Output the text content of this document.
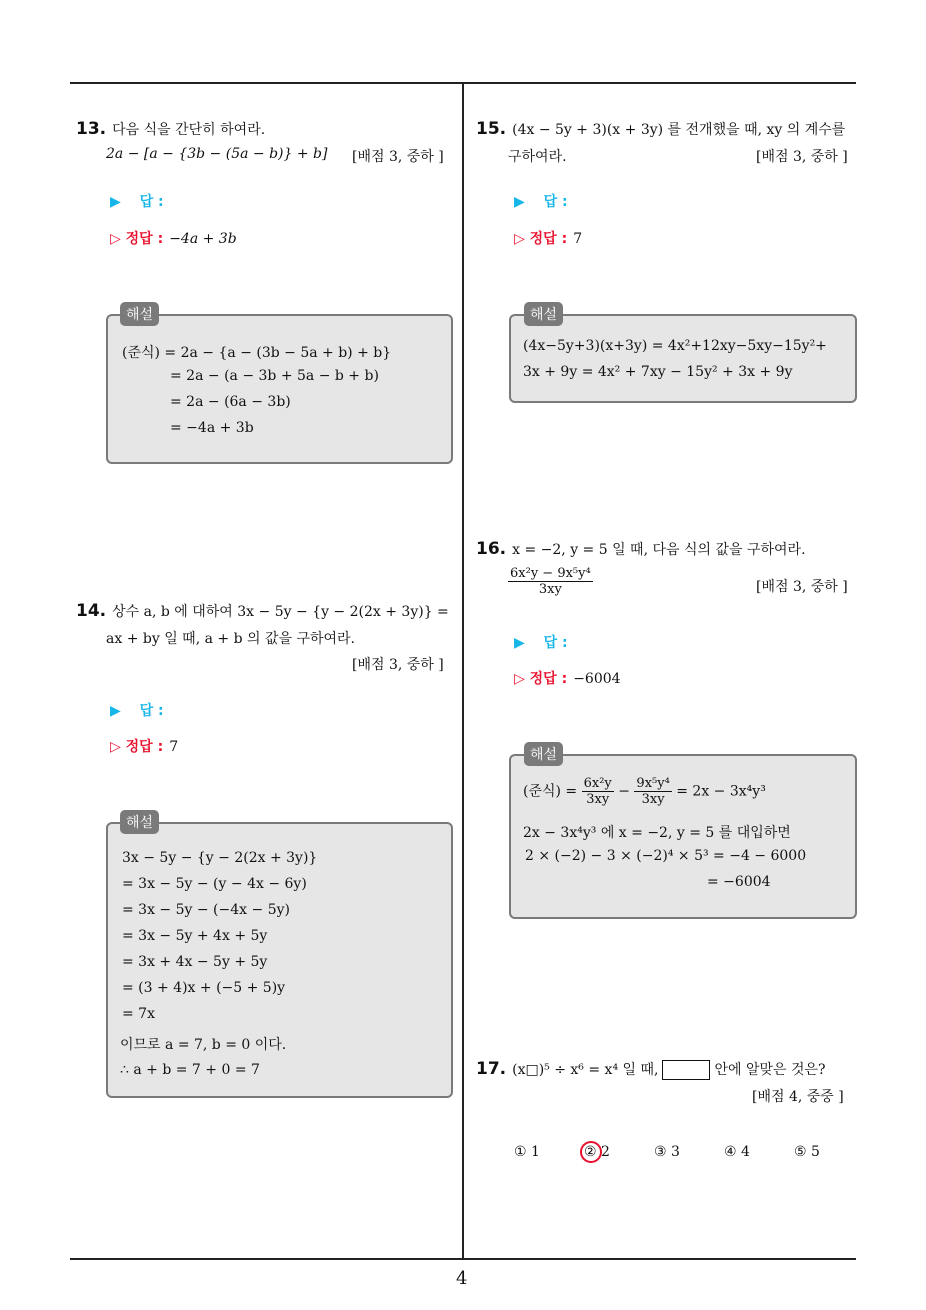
13. 다음 식을 간단히 하여라.
2a − [a − {3b − (5a − b)} + b] [배점 3, 중하 ]
▶ 답 :
▷ 정답 : −4a + 3b
(준식) = 2a − {a − (3b − 5a + b) + b}
= 2a − (a − 3b + 5a − b + b)
= 2a − (6a − 3b)
= −4a + 3b
해설
14. 상수 a, b 에 대하여 3x − 5y − {y − 2(2x + 3y)} =
ax + by 일 때, a + b 의 값을 구하여라.
[배점 3, 중하 ]
▶ 답 :
▷ 정답 : 7
3x − 5y − {y − 2(2x + 3y)}
= 3x − 5y − (y − 4x − 6y)
= 3x − 5y − (−4x − 5y)
= 3x − 5y + 4x + 5y
= 3x + 4x − 5y + 5y
= (3 + 4)x + (−5 + 5)y
= 7x
이므로 a = 7, b = 0 이다.
∴ a + b = 7 + 0 = 7
해설
15. (4x − 5y + 3)(x + 3y) 를 전개했을 때, xy 의 계수를
구하여라.	[배점 3, 중하 ]
▶ 답 :
▷ 정답 : 7
(4x−5y+3)(x+3y) = 4x²+12xy−5xy−15y²+
3x + 9y = 4x² + 7xy − 15y² + 3x + 9y
해설
16. x = −2, y = 5 일 때, 다음 식의 값을 구하여라.
$\frac{\text{6x²y − 9x⁵y⁴}}{3xy}$	[배점 3, 중하 ]
▶ 답 :
▷ 정답 : −6004
(준식) = $\frac{\text{6x²y}}{3xy} - \frac{\text{9x⁵y⁴}}{3xy} = 2x - 3x^4y^3$
2x − 3x⁴y³ 에 x = −2, y = 5 를 대입하면
2 × (−2) − 3 × (−2)⁴ × 5³ = −4 − 6000
= −6004
해설
17. (x□)⁵ ÷ x⁶ = x⁴ 일 때,	안에 알맞은 것은?
[배점 4, 중중 ]
① 1	② 2	③ 3	④ 4	⑤ 5
4
